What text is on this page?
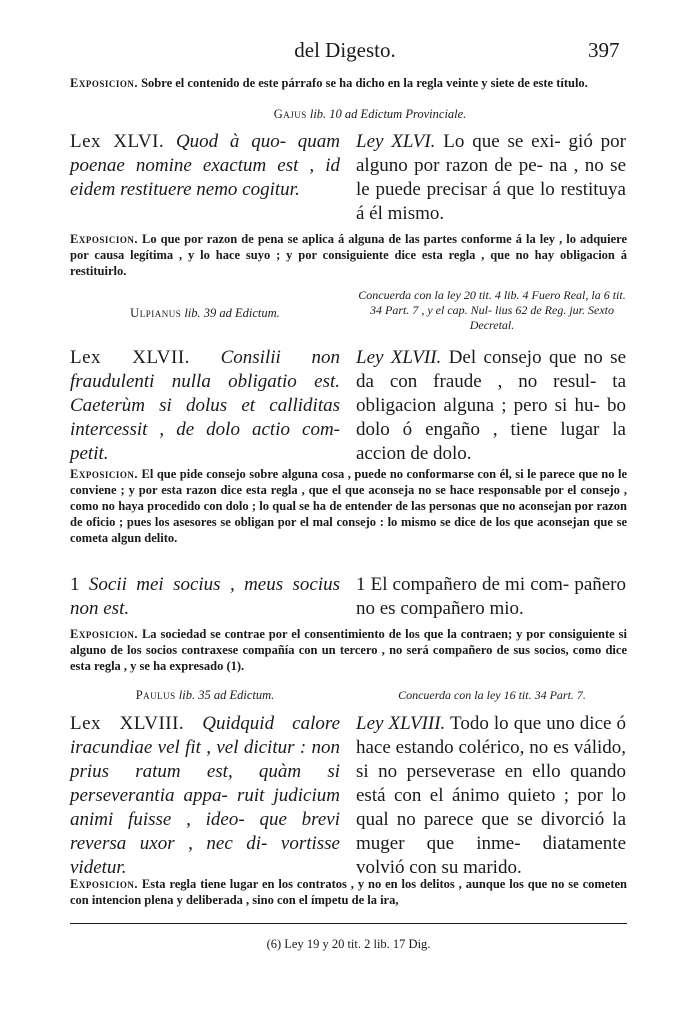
del Digesto.	397
Exposicion. Sobre el contenido de este párrafo se ha dicho en la regla veinte y siete de este título.
Gajus lib. 10 ad Edictum Provinciale.
Lex XLVI. Quod à quo- quam poenae nomine exactum est , id eidem restituere nemo cogitur.
Ley XLVI. Lo que se exi- gió por alguno por razon de pe- na , no se le puede precisar á que lo restituya á él mismo.
Exposicion. Lo que por razon de pena se aplica á alguna de las partes conforme á la ley , lo adquiere por causa legítima , y lo hace suyo ; y por consiguiente dice esta regla , que no hay obligacion á restituirlo.
Ulpianus lib. 39 ad Edictum.
Concuerda con la ley 20 tit. 4 lib. 4 Fuero Real, la 6 tit. 34 Part. 7 , y el cap. Nul- lius 62 de Reg. jur. Sexto Decretal.
Lex XLVII. Consilii non fraudulenti nulla obligatio est. Caeterùm si dolus et calliditas intercessit , de dolo actio com- petit.
Ley XLVII. Del consejo que no se da con fraude , no resul- ta obligacion alguna ; pero si hu- bo dolo ó engaño , tiene lugar la accion de dolo.
Exposicion. El que pide consejo sobre alguna cosa , puede no conformarse con él, si le parece que no le conviene ; y por esta razon dice esta regla , que el que aconseja no se hace responsable por el consejo , como no haya procedido con dolo ; lo qual se ha de entender de las personas que no aconsejan por razon de oficio ; pues los asesores se obligan por el mal consejo : lo mismo se dice de los que aconsejan que se cometa algun delito.
1 Socii mei socius , meus socius non est.
1 El compañero de mi com- pañero no es compañero mio.
Exposicion. La sociedad se contrae por el consentimiento de los que la contraen; y por consiguiente si alguno de los socios contraxese compañía con un tercero , no será compañero de sus socios, como dice esta regla , y se ha expresado (1).
Paulus lib. 35 ad Edictum.	Concuerda con la ley 16 tit. 34 Part. 7.
Lex XLVIII. Quidquid calore iracundiae vel fit , vel dicitur : non prius ratum est, quàm si perseverantia appa- ruit judicium animi fuisse , ideo- que brevi reversa uxor , nec di- vortisse videtur.
Ley XLVIII. Todo lo que uno dice ó hace estando colérico, no es válido, si no perseverase en ello quando está con el ánimo quieto ; por lo qual no parece que se divorció la muger que inme- diatamente volvió con su marido.
Exposicion. Esta regla tiene lugar en los contratos , y no en los delitos , aunque los que no se cometen con intencion plena y deliberada , sino con el ímpetu de la ira,
(6) Ley 19 y 20 tit. 2 lib. 17 Dig.
